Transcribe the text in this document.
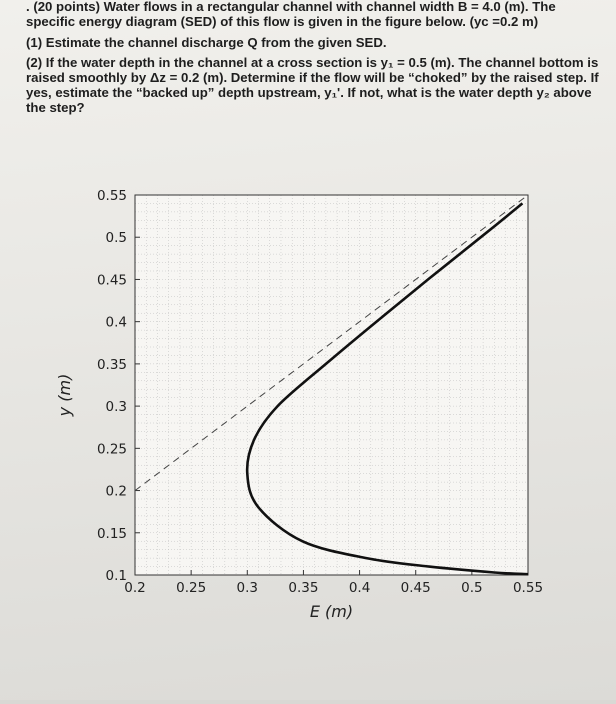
. (20 points) Water flows in a rectangular channel with channel width B = 4.0 (m). The specific energy diagram (SED) of this flow is given in the figure below. (yc =0.2 m)

(1) Estimate the channel discharge Q from the given SED.

(2) If the water depth in the channel at a cross section is y₁ = 0.5 (m). The channel bottom is raised smoothly by Δz = 0.2 (m). Determine if the flow will be “choked” by the raised step. If yes, estimate the “backed up” depth upstream, y₁'. If not, what is the water depth y₂ above the step?

0.1
0.15
0.2
0.25
0.3
0.35
0.4
0.45
0.5
0.55
0.2 0.25 0.3 0.35 0.4 0.45 0.5 0.55
E (m)
y (m)
